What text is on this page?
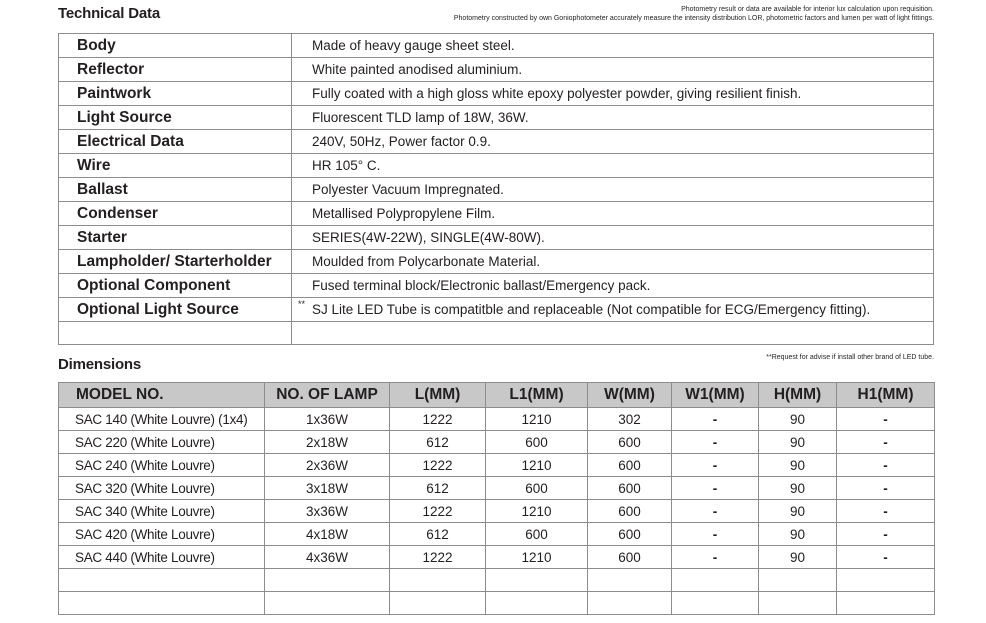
Technical Data	Photometry result or data are available for interior lux calculation upon requisition.
Photometry constructed by own Goniophotometer accurately measure the intensity distribution LOR, photometric factors and lumen per watt of light fittings.
Body	Made of heavy gauge sheet steel.
Reflector	White painted anodised aluminium.
Paintwork	Fully coated with a high gloss white epoxy polyester powder, giving resilient finish.
Light Source	Fluorescent TLD lamp of 18W, 36W.
Electrical Data	240V, 50Hz, Power factor 0.9.
Wire	HR 105° C.
Ballast	Polyester Vacuum Impregnated.
Condenser	Metallised Polypropylene Film.
Starter	SERIES(4W-22W), SINGLE(4W-80W).
Lampholder/ Starterholder	Moulded from Polycarbonate Material.
Optional Component	Fused terminal block/Electronic ballast/Emergency pack.
Optional Light Source	** SJ Lite LED Tube is compatitble and replaceable (Not compatible for ECG/Emergency fitting).

Dimensions	**Request for advise if install other brand of LED tube.
MODEL NO.	NO. OF LAMP	L(MM)	L1(MM)	W(MM)	W1(MM)	H(MM)	H1(MM)
SAC 140 (White Louvre) (1x4)	1x36W	1222	1210	302	-	90	-
SAC 220 (White Louvre)	2x18W	612	600	600	-	90	-
SAC 240 (White Louvre)	2x36W	1222	1210	600	-	90	-
SAC 320 (White Louvre)	3x18W	612	600	600	-	90	-
SAC 340 (White Louvre)	3x36W	1222	1210	600	-	90	-
SAC 420 (White Louvre)	4x18W	612	600	600	-	90	-
SAC 440 (White Louvre)	4x36W	1222	1210	600	-	90	-
